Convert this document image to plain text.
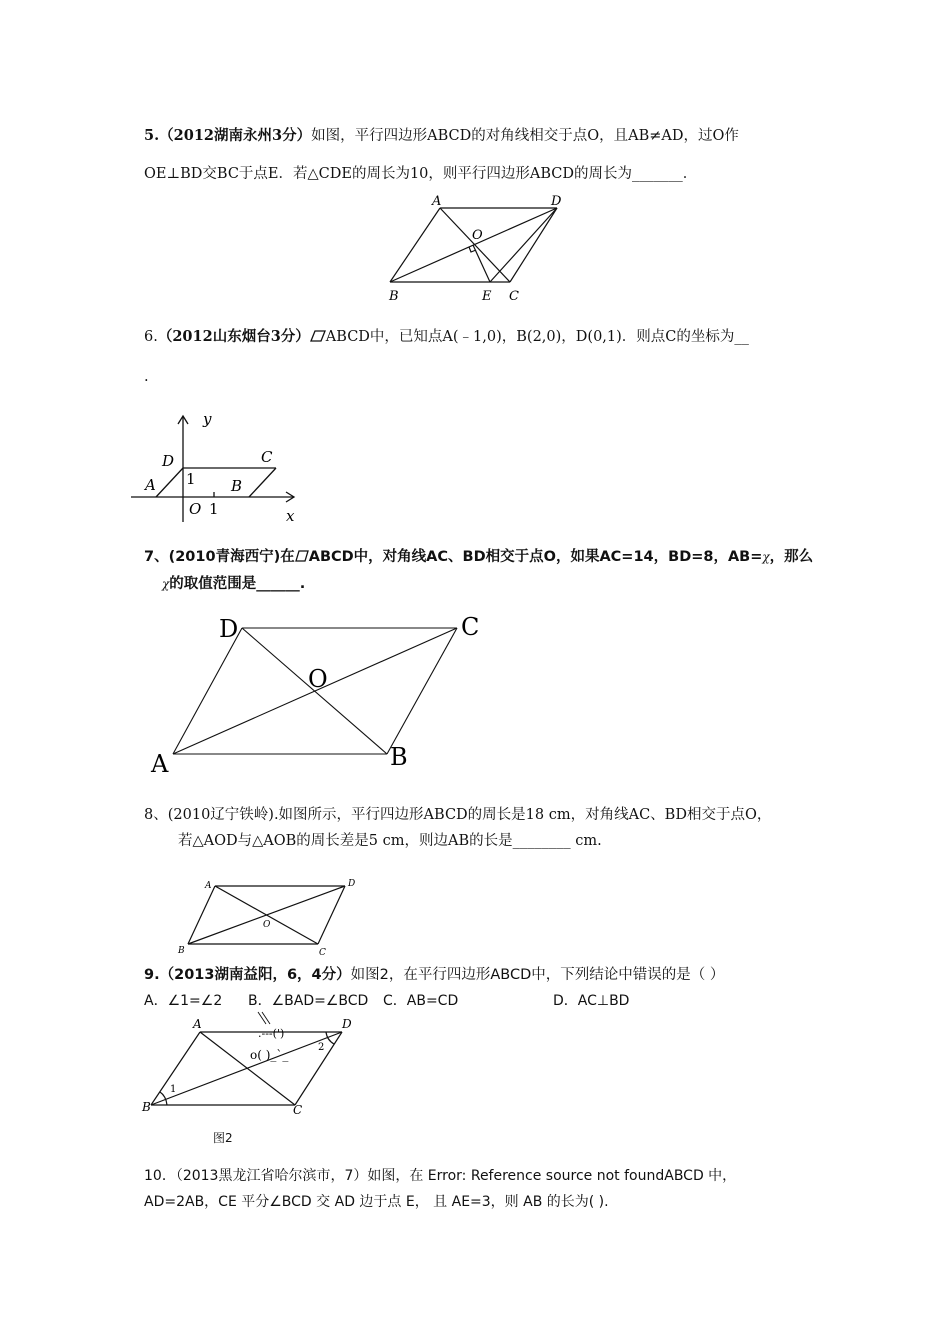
5.（2012湖南永州3分）如图，平行四边形ABCD的对角线相交于点O，且AB≠AD，过O作
OE⊥BD交BC于点E．若△CDE的周长为10，则平行四边形ABCD的周长为_______．
A	D
O
B	E C
6.（2012山东烟台3分） ABCD中，已知点A(﹣1,0)，B(2,0)，D(0,1)．则点C的坐标为__
.
y
D	C
1
A	B
O 1	x
7、(2010青海西宁)在 ABCD中，对角线AC、BD相交于点O，如果AC=14，BD=8，AB=χ，那么
χ的取值范围是______.
D	C
O
A	B
8、(2010辽宁铁岭).如图所示，平行四边形ABCD的周长是18 cm，对角线AC、BD相交于点O，
若△AOD与△AOB的周长差是5 cm，则边AB的长是________ cm.
A	D
O
B	C
9.（2013湖南益阳，6，4分）如图2，在平行四边形ABCD中，下列结论中错误的是（ ）
A．∠1=∠2 B．∠BAD=∠BCD C．AB=CD	D．AC⊥BD
A	D
B	C
1
2
.---(')
o( )_`_
图2
10．（2013黑龙江省哈尔滨市，7）如图，在 Error: Reference source not foundABCD 中，
AD=2AB，CE 平分∠BCD 交 AD 边于点 E， 且 AE=3，则 AB 的长为( ).
